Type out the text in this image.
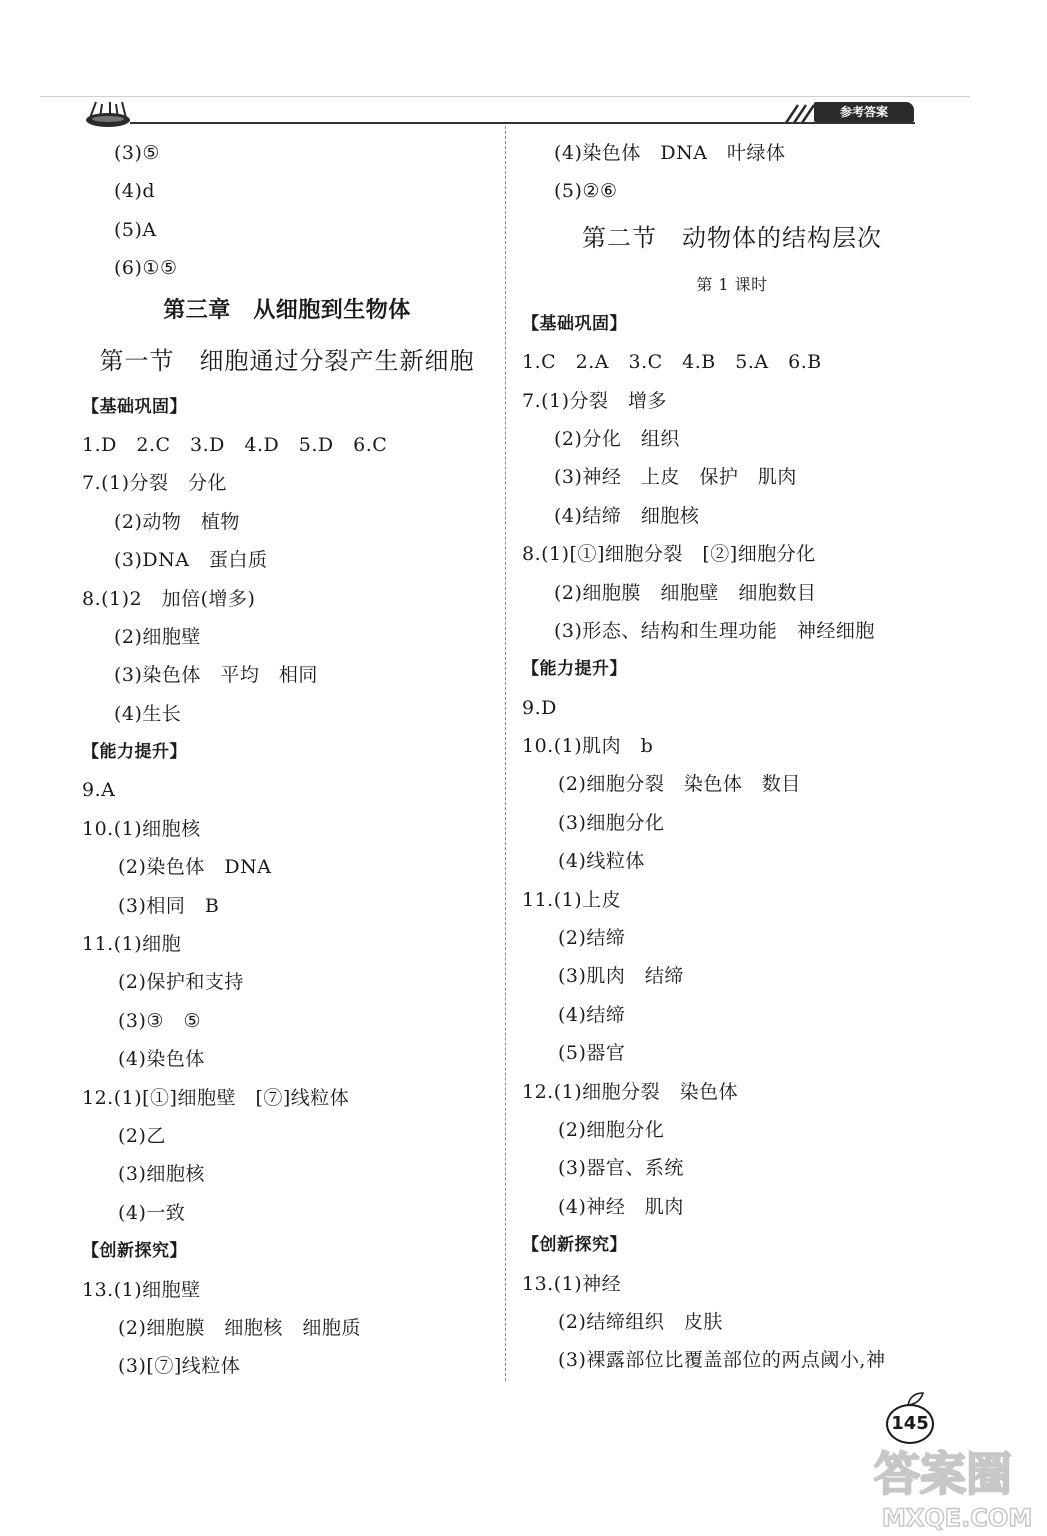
参考答案
(3)⑤
(4)d
(5)A
(6)①⑤
第三章　从细胞到生物体
第一节　细胞通过分裂产生新细胞
【基础巩固】
1.D　2.C　3.D　4.D　5.D　6.C
7.(1)分裂　分化
(2)动物　植物
(3)DNA　蛋白质
8.(1)2　加倍(增多)
(2)细胞壁
(3)染色体　平均　相同
(4)生长
【能力提升】
9.A
10.(1)细胞核
(2)染色体　DNA
(3)相同　B
11.(1)细胞
(2)保护和支持
(3)③　⑤
(4)染色体
12.(1)[①]细胞壁　[⑦]线粒体
(2)乙
(3)细胞核
(4)一致
【创新探究】
13.(1)细胞壁
(2)细胞膜　细胞核　细胞质
(3)[⑦]线粒体
(4)染色体　DNA　叶绿体
(5)②⑥
第二节　动物体的结构层次
第 1 课时
【基础巩固】
1.C　2.A　3.C　4.B　5.A　6.B
7.(1)分裂　增多
(2)分化　组织
(3)神经　上皮　保护　肌肉
(4)结缔　细胞核
8.(1)[①]细胞分裂　[②]细胞分化
(2)细胞膜　细胞壁　细胞数目
(3)形态、结构和生理功能　神经细胞
【能力提升】
9.D
10.(1)肌肉　b
(2)细胞分裂　染色体　数目
(3)细胞分化
(4)线粒体
11.(1)上皮
(2)结缔
(3)肌肉　结缔
(4)结缔
(5)器官
12.(1)细胞分裂　染色体
(2)细胞分化
(3)器官、系统
(4)神经　肌肉
【创新探究】
13.(1)神经
(2)结缔组织　皮肤
(3)裸露部位比覆盖部位的两点阈小,神
145
答案圈
MXQE.COM
